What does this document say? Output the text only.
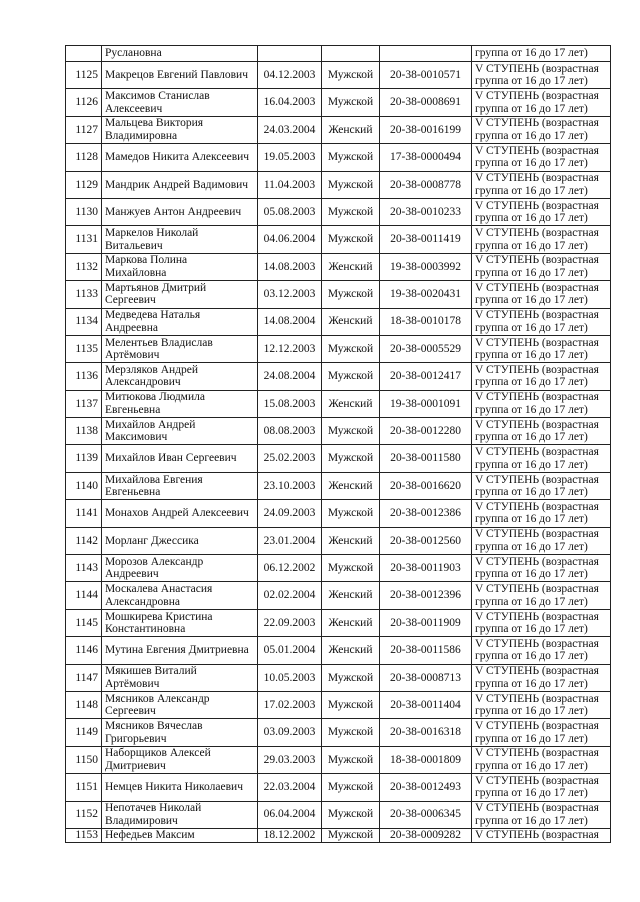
	Руслановна				группа от 16 до 17 лет)
1125	Макрецов Евгений Павлович	04.12.2003	Мужской	20-38-0010571	V СТУПЕНЬ (возрастная
группа от 16 до 17 лет)

1126	Максимов Станислав
Алексеевич	16.04.2003	Мужской	20-38-0008691	V СТУПЕНЬ (возрастная
группа от 16 до 17 лет)

1127	Мальцева Виктория
Владимировна	24.03.2004	Женский	20-38-0016199	V СТУПЕНЬ (возрастная
группа от 16 до 17 лет)

1128	Мамедов Никита Алексеевич	19.05.2003	Мужской	17-38-0000494	V СТУПЕНЬ (возрастная
группа от 16 до 17 лет)

1129	Мандрик Андрей Вадимович	11.04.2003	Мужской	20-38-0008778	V СТУПЕНЬ (возрастная
группа от 16 до 17 лет)

1130	Манжуев Антон Андреевич	05.08.2003	Мужской	20-38-0010233	V СТУПЕНЬ (возрастная
группа от 16 до 17 лет)

1131	Маркелов Николай
Витальевич	04.06.2004	Мужской	20-38-0011419	V СТУПЕНЬ (возрастная
группа от 16 до 17 лет)

1132	Маркова Полина
Михайловна	14.08.2003	Женский	19-38-0003992	V СТУПЕНЬ (возрастная
группа от 16 до 17 лет)

1133	Мартьянов Дмитрий
Сергеевич	03.12.2003	Мужской	19-38-0020431	V СТУПЕНЬ (возрастная
группа от 16 до 17 лет)

1134	Медведева Наталья
Андреевна	14.08.2004	Женский	18-38-0010178	V СТУПЕНЬ (возрастная
группа от 16 до 17 лет)

1135	Мелентьев Владислав
Артёмович	12.12.2003	Мужской	20-38-0005529	V СТУПЕНЬ (возрастная
группа от 16 до 17 лет)

1136	Мерзляков Андрей
Александрович	24.08.2004	Мужской	20-38-0012417	V СТУПЕНЬ (возрастная
группа от 16 до 17 лет)

1137	Митюкова Людмила
Евгеньевна	15.08.2003	Женский	19-38-0001091	V СТУПЕНЬ (возрастная
группа от 16 до 17 лет)

1138	Михайлов Андрей
Максимович	08.08.2003	Мужской	20-38-0012280	V СТУПЕНЬ (возрастная
группа от 16 до 17 лет)

1139	Михайлов Иван Сергеевич	25.02.2003	Мужской	20-38-0011580	V СТУПЕНЬ (возрастная
группа от 16 до 17 лет)

1140	Михайлова Евгения
Евгеньевна	23.10.2003	Женский	20-38-0016620	V СТУПЕНЬ (возрастная
группа от 16 до 17 лет)

1141	Монахов Андрей Алексеевич	24.09.2003	Мужской	20-38-0012386	V СТУПЕНЬ (возрастная
группа от 16 до 17 лет)

1142	Морланг Джессика	23.01.2004	Женский	20-38-0012560	V СТУПЕНЬ (возрастная
группа от 16 до 17 лет)

1143	Морозов Александр
Андреевич	06.12.2002	Мужской	20-38-0011903	V СТУПЕНЬ (возрастная
группа от 16 до 17 лет)

1144	Москалева Анастасия
Александровна	02.02.2004	Женский	20-38-0012396	V СТУПЕНЬ (возрастная
группа от 16 до 17 лет)

1145	Мошкирева Кристина
Константиновна	22.09.2003	Женский	20-38-0011909	V СТУПЕНЬ (возрастная
группа от 16 до 17 лет)

1146	Мутина Евгения Дмитриевна	05.01.2004	Женский	20-38-0011586	V СТУПЕНЬ (возрастная
группа от 16 до 17 лет)

1147	Мякишев Виталий
Артёмович	10.05.2003	Мужской	20-38-0008713	V СТУПЕНЬ (возрастная
группа от 16 до 17 лет)

1148	Мясников Александр
Сергеевич	17.02.2003	Мужской	20-38-0011404	V СТУПЕНЬ (возрастная
группа от 16 до 17 лет)

1149	Мясников Вячеслав
Григорьевич	03.09.2003	Мужской	20-38-0016318	V СТУПЕНЬ (возрастная
группа от 16 до 17 лет)

1150	Наборщиков Алексей
Дмитриевич	29.03.2003	Мужской	18-38-0001809	V СТУПЕНЬ (возрастная
группа от 16 до 17 лет)

1151	Немцев Никита Николаевич	22.03.2004	Мужской	20-38-0012493	V СТУПЕНЬ (возрастная
группа от 16 до 17 лет)

1152	Непотачев Николай
Владимирович	06.04.2004	Мужской	20-38-0006345	V СТУПЕНЬ (возрастная
группа от 16 до 17 лет)

1153	Нефедьев Максим	18.12.2002	Мужской	20-38-0009282	V СТУПЕНЬ (возрастная
